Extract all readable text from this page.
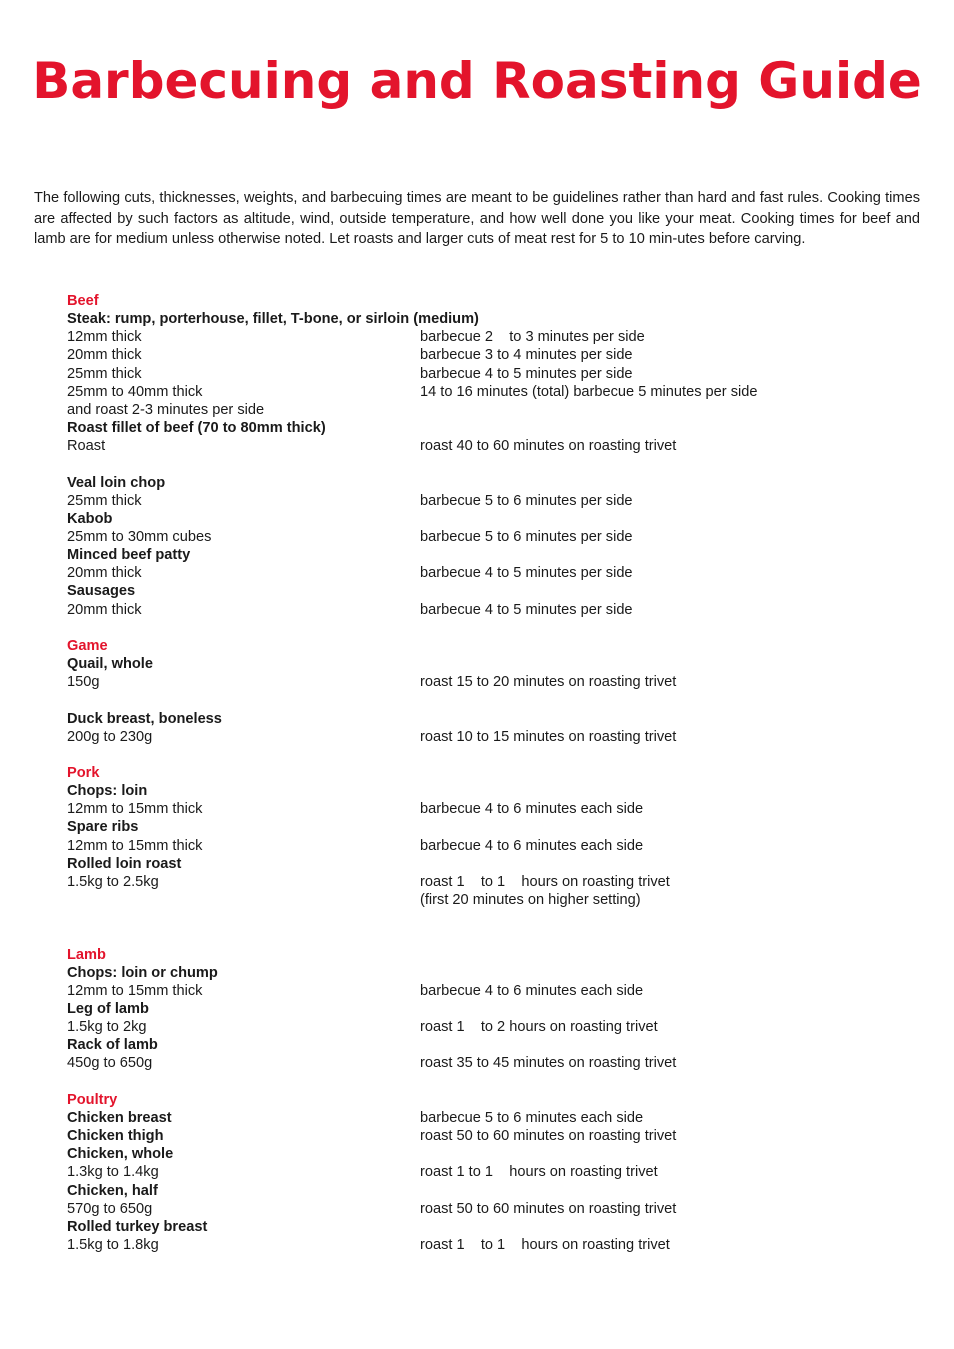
Barbecuing and Roasting Guide

The following cuts, thicknesses, weights, and barbecuing times are meant to be guidelines rather than hard and fast rules. Cooking times are affected by such factors as altitude, wind, outside temperature, and how well done you like your meat. Cooking times for beef and lamb are for medium unless otherwise noted. Let roasts and larger cuts of meat rest for 5 to 10 min-utes before carving.

Beef
Steak: rump, porterhouse, fillet, T-bone, or sirloin (medium)
12mm thick	barbecue 2    to 3 minutes per side
20mm thick	barbecue 3 to 4 minutes per side
25mm thick	barbecue 4 to 5 minutes per side
25mm to 40mm thick	14 to 16 minutes (total) barbecue 5 minutes per side
and roast 2-3 minutes per side
Roast fillet of beef (70 to 80mm thick)
Roast	roast 40 to 60 minutes on roasting trivet
Veal loin chop
25mm thick	barbecue 5 to 6 minutes per side
Kabob
25mm to 30mm cubes	barbecue 5 to 6 minutes per side
Minced beef patty
20mm thick	barbecue 4 to 5 minutes per side
Sausages
20mm thick	barbecue 4 to 5 minutes per side
Game
Quail, whole
150g	roast 15 to 20 minutes on roasting trivet
Duck breast, boneless
200g to 230g	roast 10 to 15 minutes on roasting trivet
Pork
Chops: loin
12mm to 15mm thick	barbecue 4 to 6 minutes each side
Spare ribs
12mm to 15mm thick	barbecue 4 to 6 minutes each side
Rolled loin roast
1.5kg to 2.5kg	roast 1    to 1    hours on roasting trivet
(first 20 minutes on higher setting)
Lamb
Chops: loin or chump
12mm to 15mm thick	barbecue 4 to 6 minutes each side
Leg of lamb
1.5kg to 2kg	roast 1    to 2 hours on roasting trivet
Rack of lamb
450g to 650g	roast 35 to 45 minutes on roasting trivet
Poultry
Chicken breast	barbecue 5 to 6 minutes each side
Chicken thigh	roast 50 to 60 minutes on roasting trivet
Chicken, whole
1.3kg to 1.4kg	roast 1 to 1    hours on roasting trivet
Chicken, half
570g to 650g	roast 50 to 60 minutes on roasting trivet
Rolled turkey breast
1.5kg to 1.8kg	roast 1    to 1    hours on roasting trivet
